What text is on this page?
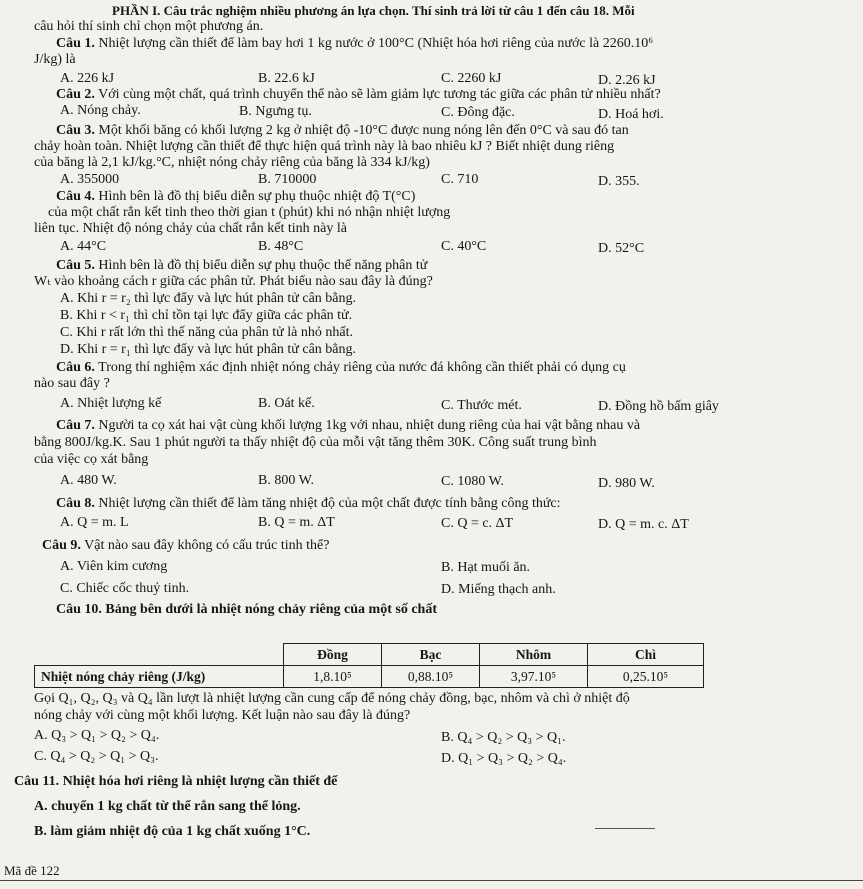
PHẦN I. Câu trắc nghiệm nhiều phương án lựa chọn. Thí sinh trả lời từ câu 1 đến câu 18. Mỗi
câu hỏi thí sinh chỉ chọn một phương án.
Câu 1. Nhiệt lượng cần thiết để làm bay hơi 1 kg nước ở 100°C (Nhiệt hóa hơi riêng của nước là 2260.10⁶
J/kg) là
A. 226 kJ	B. 22.6 kJ	C. 2260 kJ	D. 2.26 kJ
Câu 2. Với cùng một chất, quá trình chuyển thể nào sẽ làm giảm lực tương tác giữa các phân tử nhiều nhất?
A. Nóng chảy.	B. Ngưng tụ.	C. Đông đặc.	D. Hoá hơi.
Câu 3. Một khối băng có khối lượng 2 kg ở nhiệt độ -10°C được nung nóng lên đến 0°C và sau đó tan
chảy hoàn toàn. Nhiệt lượng cần thiết để thực hiện quá trình này là bao nhiêu kJ ? Biết nhiệt dung riêng
của băng là 2,1 kJ/kg.°C, nhiệt nóng chảy riêng của băng là 334 kJ/kg)
A. 355000	B. 710000	C. 710	D. 355.
Câu 4. Hình bên là đồ thị biểu diễn sự phụ thuộc nhiệt độ T(°C)
của một chất rắn kết tinh theo thời gian t (phút) khi nó nhận nhiệt lượng
liên tục. Nhiệt độ nóng chảy của chất rắn kết tinh này là
A. 44°C	B. 48°C	C. 40°C	D. 52°C
Câu 5. Hình bên là đồ thị biểu diễn sự phụ thuộc thế năng phân tử
Wₜ vào khoảng cách r giữa các phân tử. Phát biểu nào sau đây là đúng?
A. Khi r = r₂ thì lực đẩy và lực hút phân tử cân bằng.
B. Khi r < r₁ thì chỉ tồn tại lực đẩy giữa các phân tử.
C. Khi r rất lớn thì thế năng của phân tử là nhỏ nhất.
D. Khi r = r₁ thì lực đẩy và lực hút phân tử cân bằng.
Câu 6. Trong thí nghiệm xác định nhiệt nóng chảy riêng của nước đá không cần thiết phải có dụng cụ
nào sau đây ?
A. Nhiệt lượng kế	B. Oát kế.	C. Thước mét.	D. Đồng hồ bấm giây
Câu 7. Người ta cọ xát hai vật cùng khối lượng 1kg với nhau, nhiệt dung riêng của hai vật bằng nhau và
bằng 800J/kg.K. Sau 1 phút người ta thấy nhiệt độ của mỗi vật tăng thêm 30K. Công suất trung bình
của việc cọ xát bằng
A. 480 W.	B. 800 W.	C. 1080 W.	D. 980 W.
Câu 8. Nhiệt lượng cần thiết để làm tăng nhiệt độ của một chất được tính bằng công thức:
A. Q = m. L	B. Q = m. ΔT	C. Q = c. ΔT	D. Q = m. c. ΔT
Câu 9. Vật nào sau đây không có cấu trúc tinh thể?
A. Viên kim cương	B. Hạt muối ăn.
C. Chiếc cốc thuỷ tinh.	D. Miếng thạch anh.
Câu 10. Bảng bên dưới là nhiệt nóng chảy riêng của một số chất
	Đồng	Bạc	Nhôm	Chì
Nhiệt nóng chảy riêng (J/kg)	1,8.10⁵	0,88.10⁵	3,97.10⁵	0,25.10⁵
Gọi Q₁, Q₂, Q₃ và Q₄ lần lượt là nhiệt lượng cần cung cấp để nóng chảy đồng, bạc, nhôm và chì ở nhiệt độ
nóng chảy với cùng một khối lượng. Kết luận nào sau đây là đúng?
A. Q₃ > Q₁ > Q₂ > Q₄.	B. Q₄ > Q₂ > Q₃ > Q₁.
C. Q₄ > Q₂ > Q₁ > Q₃.	D. Q₁ > Q₃ > Q₂ > Q₄.
Câu 11. Nhiệt hóa hơi riêng là nhiệt lượng cần thiết để
A. chuyển 1 kg chất từ thể rắn sang thể lỏng.
B. làm giảm nhiệt độ của 1 kg chất xuống 1°C.
Mã đề 122
